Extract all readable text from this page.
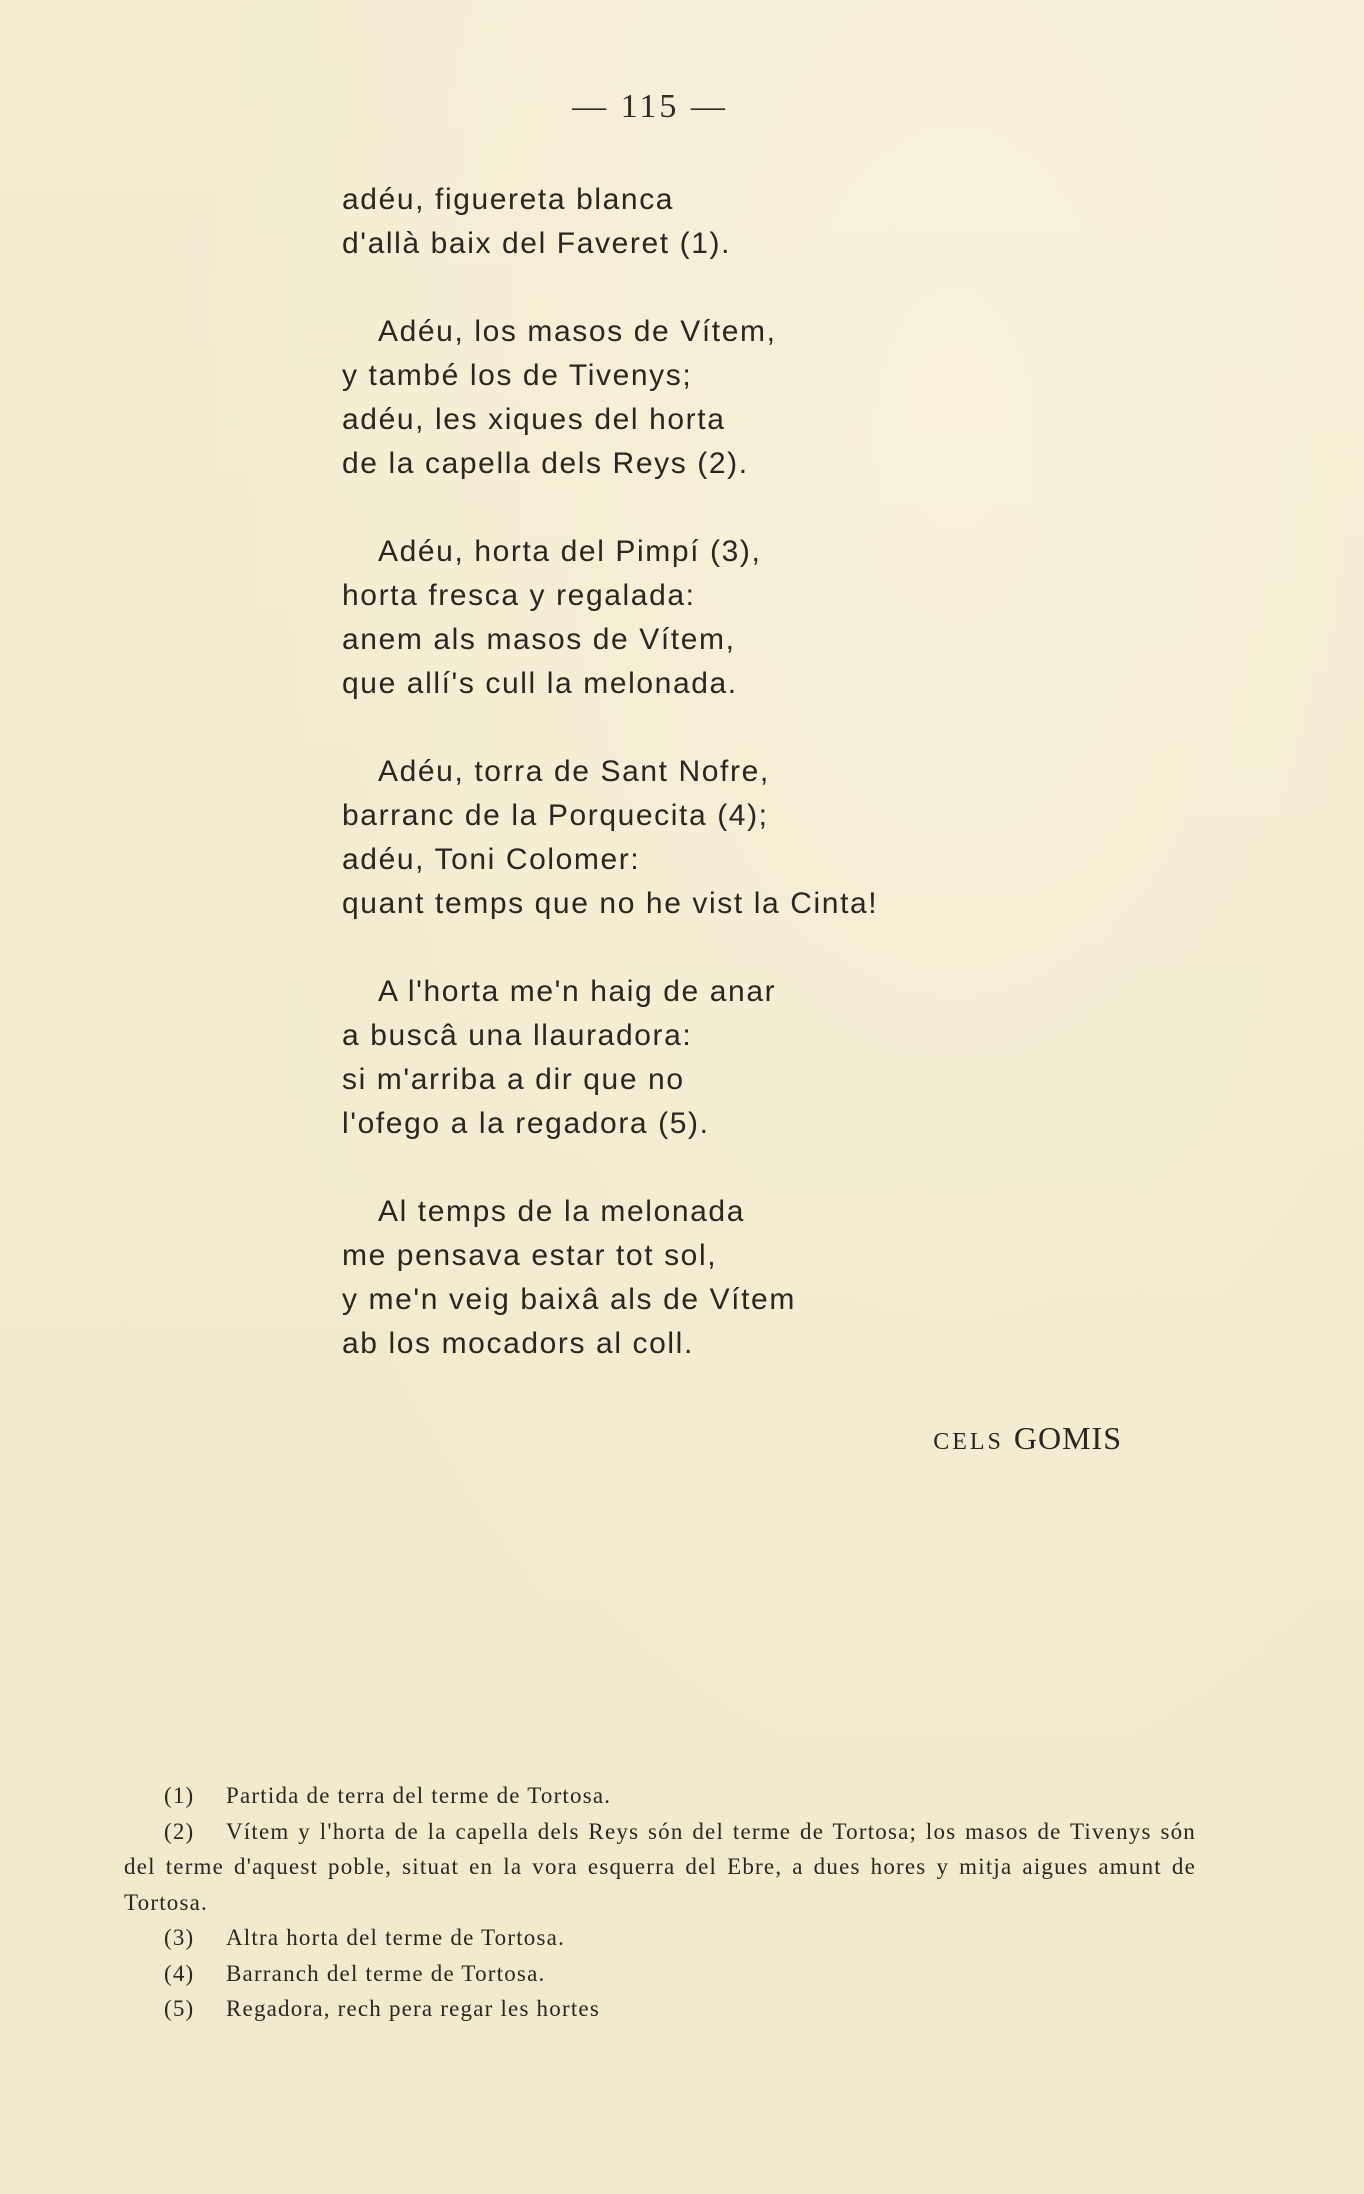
— 115 —
adéu, figuereta blanca
d'allà baix del Faveret (1).
Adéu, los masos de Vítem,
y també los de Tivenys;
adéu, les xiques del horta
de la capella dels Reys (2).
Adéu, horta del Pimpí (3),
horta fresca y regalada:
anem als masos de Vítem,
que allí's cull la melonada.
Adéu, torra de Sant Nofre,
barranc de la Porquecita (4);
adéu, Toni Colomer:
quant temps que no he vist la Cinta!
A l'horta me'n haig de anar
a buscâ una llauradora:
si m'arriba a dir que no
l'ofego a la regadora (5).
Al temps de la melonada
me pensava estar tot sol,
y me'n veig baixâ als de Vítem
ab los mocadors al coll.
CELS GOMIS
(1) Partida de terra del terme de Tortosa.
(2) Vítem y l'horta de la capella dels Reys són del terme de Tortosa; los masos de Tivenys són del terme d'aquest poble, situat en la vora esquerra del Ebre, a dues hores y mitja aigues amunt de Tortosa.
(3) Altra horta del terme de Tortosa.
(4) Barranch del terme de Tortosa.
(5) Regadora, rech pera regar les hortes
